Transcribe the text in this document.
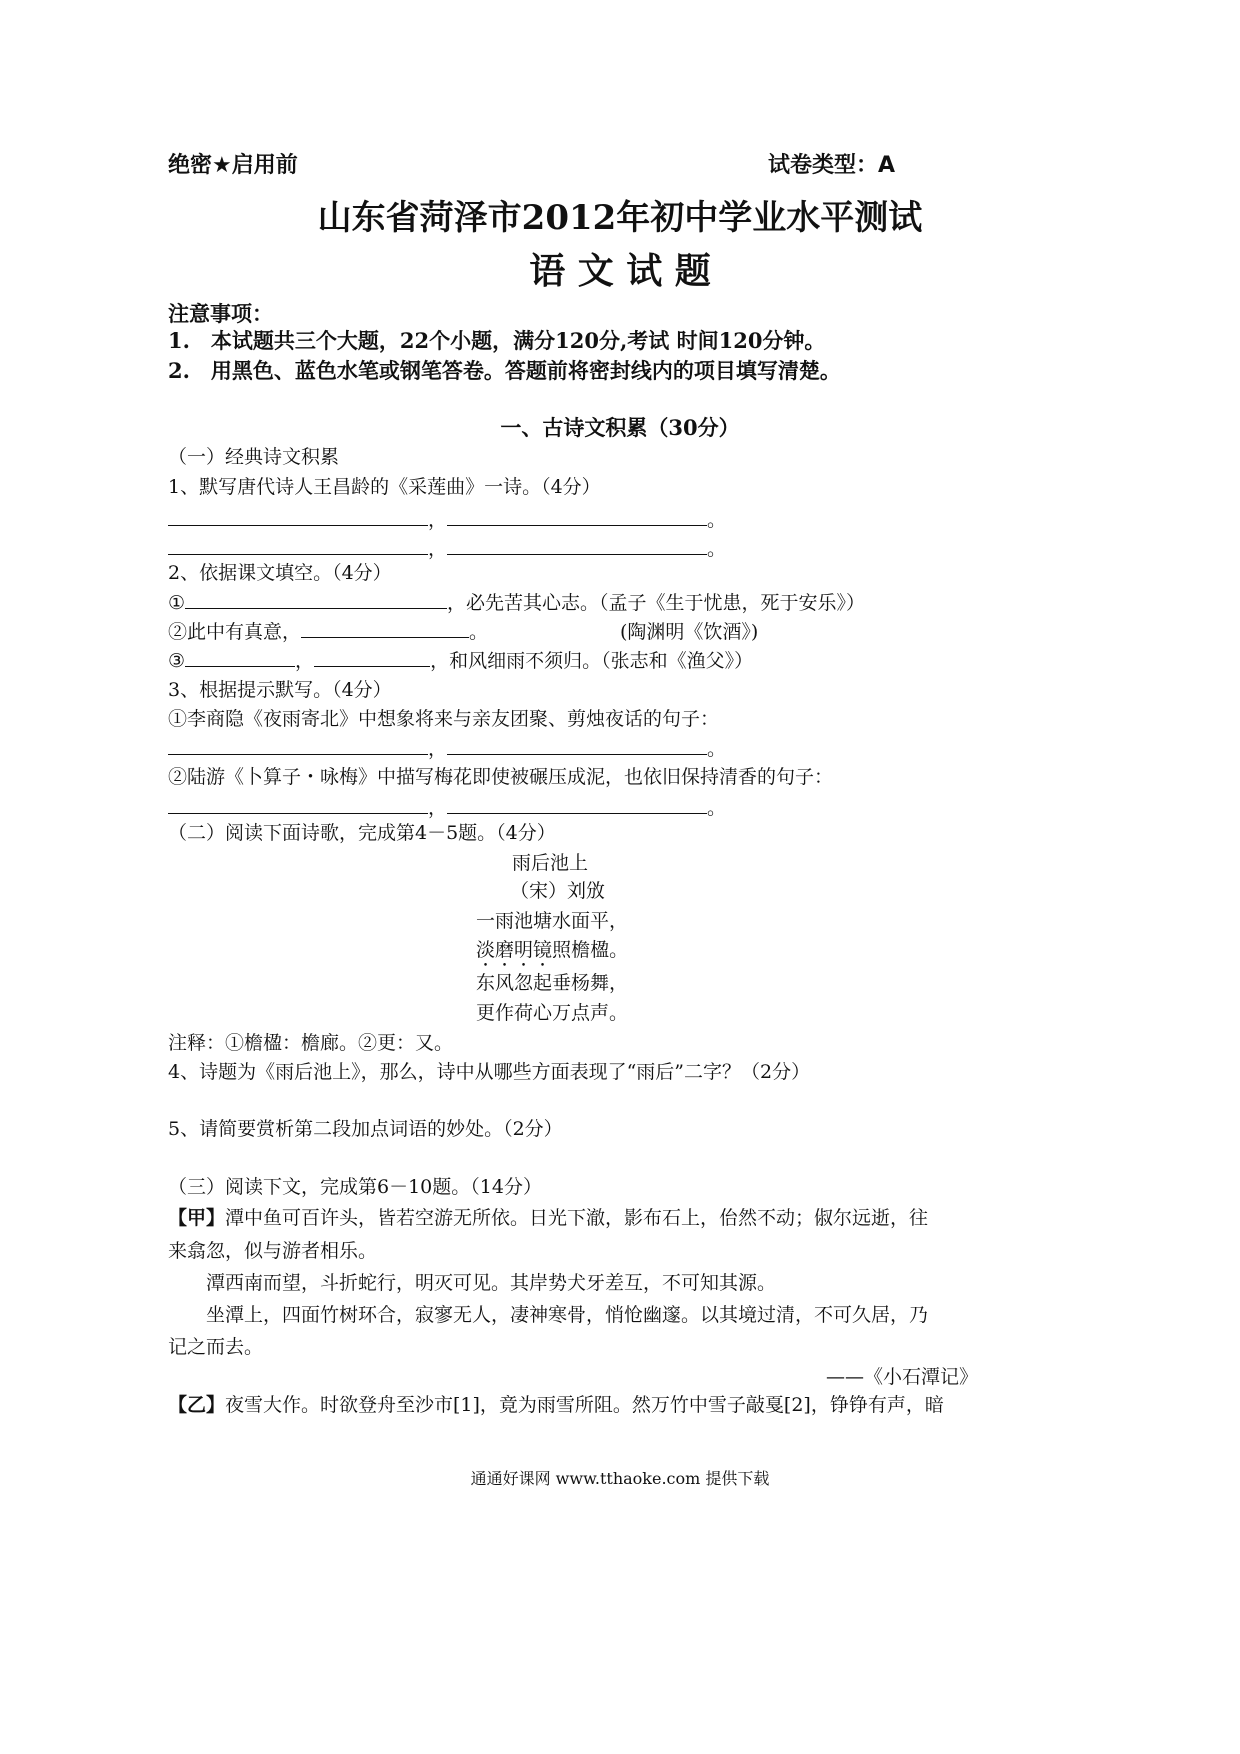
绝密★启用前	试卷类型：A
山东省菏泽市2012年初中学业水平测试
语 文 试 题
注意事项：
1.　本试题共三个大题，22个小题，满分120分,考试 时间120分钟。
2.　用黑色、蓝色水笔或钢笔答卷。答题前将密封线内的项目填写清楚。
一、古诗文积累（30分）
（一）经典诗文积累
1、默写唐代诗人王昌龄的《采莲曲》一诗。（4分）
，	。
，	。
2、依据课文填空。（4分）
①	，必先苦其心志。（孟子《生于忧患，死于安乐》）
②此中有真意，	。	(陶渊明《饮酒》)
③	，	，和风细雨不须归。（张志和《渔父》）
3、根据提示默写。（4分）
①李商隐《夜雨寄北》中想象将来与亲友团聚、剪烛夜话的句子：
，	。
②陆游《卜算子・咏梅》中描写梅花即使被碾压成泥，也依旧保持清香的句子：
，	。
（二）阅读下面诗歌，完成第4－5题。（4分）
雨后池上
（宋）刘攽
一雨池塘水面平，
淡磨明镜照檐楹。
东风忽起垂杨舞，
更作荷心万点声。
注释：①檐楹：檐廊。②更：又。
4、诗题为《雨后池上》，那么，诗中从哪些方面表现了“雨后”二字？（2分）
5、请简要赏析第二段加点词语的妙处。（2分）
（三）阅读下文，完成第6－10题。（14分）
【甲】潭中鱼可百许头，皆若空游无所依。日光下澈，影布石上，佁然不动；俶尔远逝，往
来翕忽，似与游者相乐。
潭西南而望，斗折蛇行，明灭可见。其岸势犬牙差互，不可知其源。
坐潭上，四面竹树环合，寂寥无人，凄神寒骨，悄怆幽邃。以其境过清，不可久居，乃
记之而去。
——《小石潭记》
【乙】夜雪大作。时欲登舟至沙市[1]，竟为雨雪所阻。然万竹中雪子敲戛[2]，铮铮有声，暗
通通好课网 www.tthaoke.com 提供下载
